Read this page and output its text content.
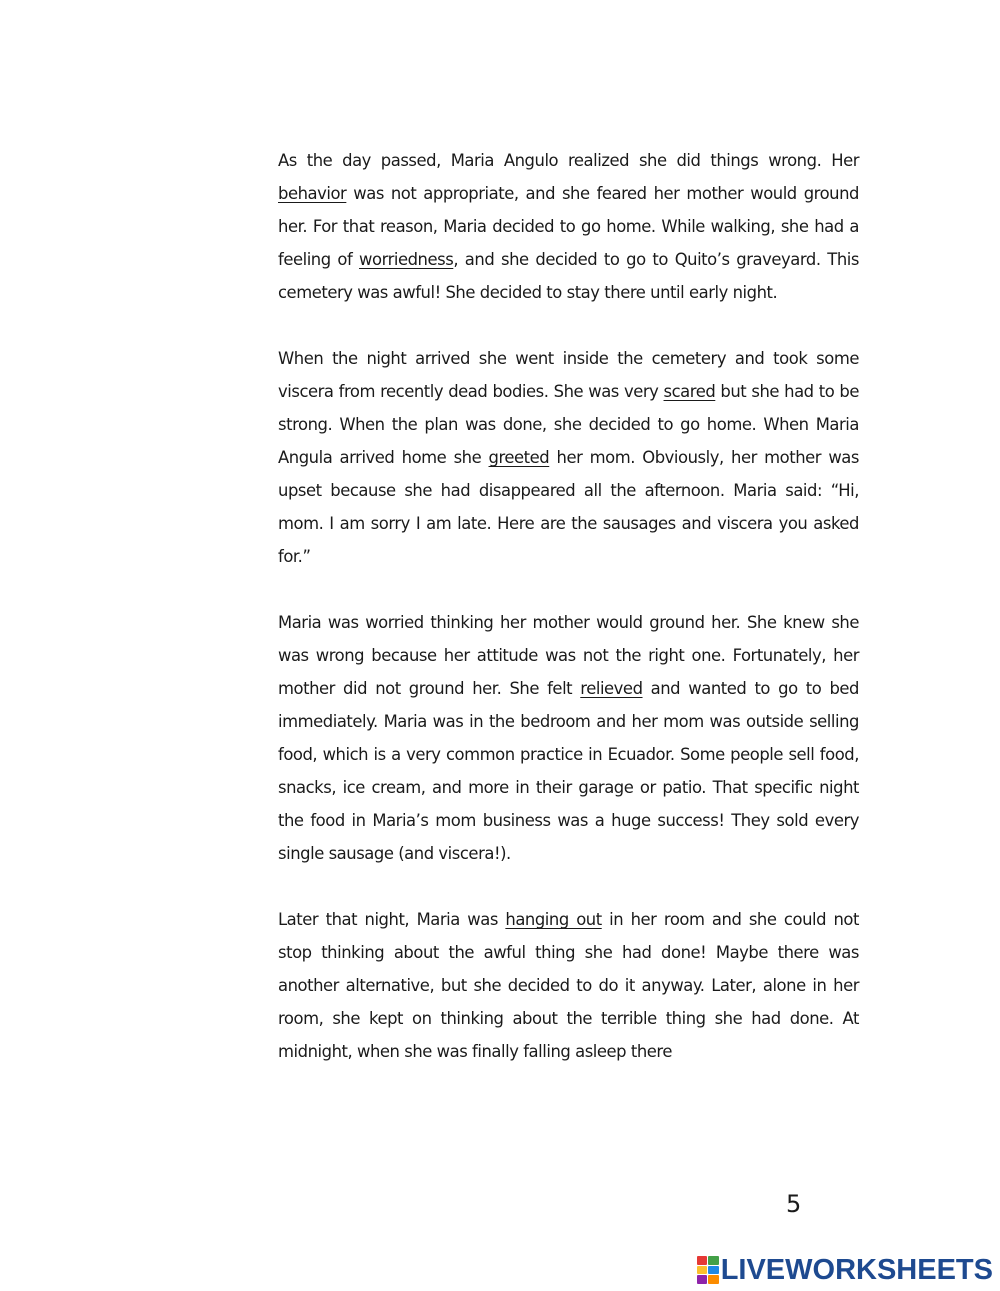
As the day passed, Maria Angulo realized she did things wrong. Her behavior was not appropriate, and she feared her mother would ground her. For that reason, Maria decided to go home. While walking, she had a feeling of worriedness, and she decided to go to Quito’s graveyard. This cemetery was awful! She decided to stay there until early night.

When the night arrived she went inside the cemetery and took some viscera from recently dead bodies. She was very scared but she had to be strong. When the plan was done, she decided to go home. When Maria Angula arrived home she greeted her mom. Obviously, her mother was upset because she had disappeared all the afternoon. Maria said: “Hi, mom. I am sorry I am late. Here are the sausages and viscera you asked for.”

Maria was worried thinking her mother would ground her. She knew she was wrong because her attitude was not the right one. Fortunately, her mother did not ground her. She felt relieved and wanted to go to bed immediately. Maria was in the bedroom and her mom was outside selling food, which is a very common practice in Ecuador. Some people sell food, snacks, ice cream, and more in their garage or patio. That specific night the food in Maria’s mom business was a huge success! They sold every single sausage (and viscera!).

Later that night, Maria was hanging out in her room and she could not stop thinking about the awful thing she had done! Maybe there was another alternative, but she decided to do it anyway. Later, alone in her room, she kept on thinking about the terrible thing she had done. At midnight, when she was finally falling asleep there

5
LIVEWORKSHEETS
